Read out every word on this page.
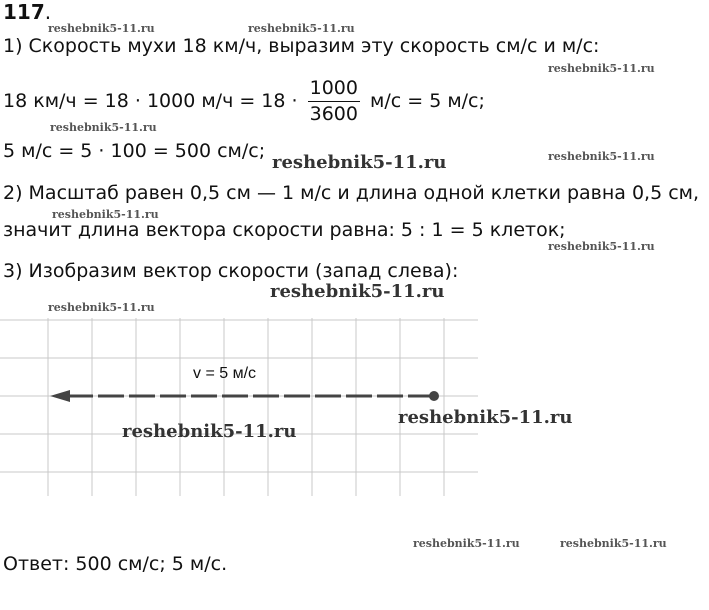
117.
1) Скорость мухи 18 км/ч, выразим эту скорость см/с и м/с:
18 км/ч = 18 · 1000 $м/ч = 18 \cdot \frac{1000}{3600} м/с = 5$ м/с;
5 м/с = 5 · 100 = 500 см/с;
2) Масштаб равен 0,5 см — 1 м/с и длина одной клетки равна 0,5 см,
значит длина вектора скорости равна: 5 : 1 = 5 клеток;
3) Изобразим вектор скорости (запад слева):
v = 5 м/с
Ответ: 500 см/с; 5 м/с.
reshebnik5-11.ru	reshebnik5-11.ru
reshebnik5-11.ru
reshebnik5-11.ru
reshebnik5-11.ru
reshebnik5-11.ru
reshebnik5-11.ru
reshebnik5-11.ru
reshebnik5-11.ru
reshebnik5-11.ru
reshebnik5-11.ru
reshebnik5-11.ru
reshebnik5-11.ru	reshebnik5-11.ru
